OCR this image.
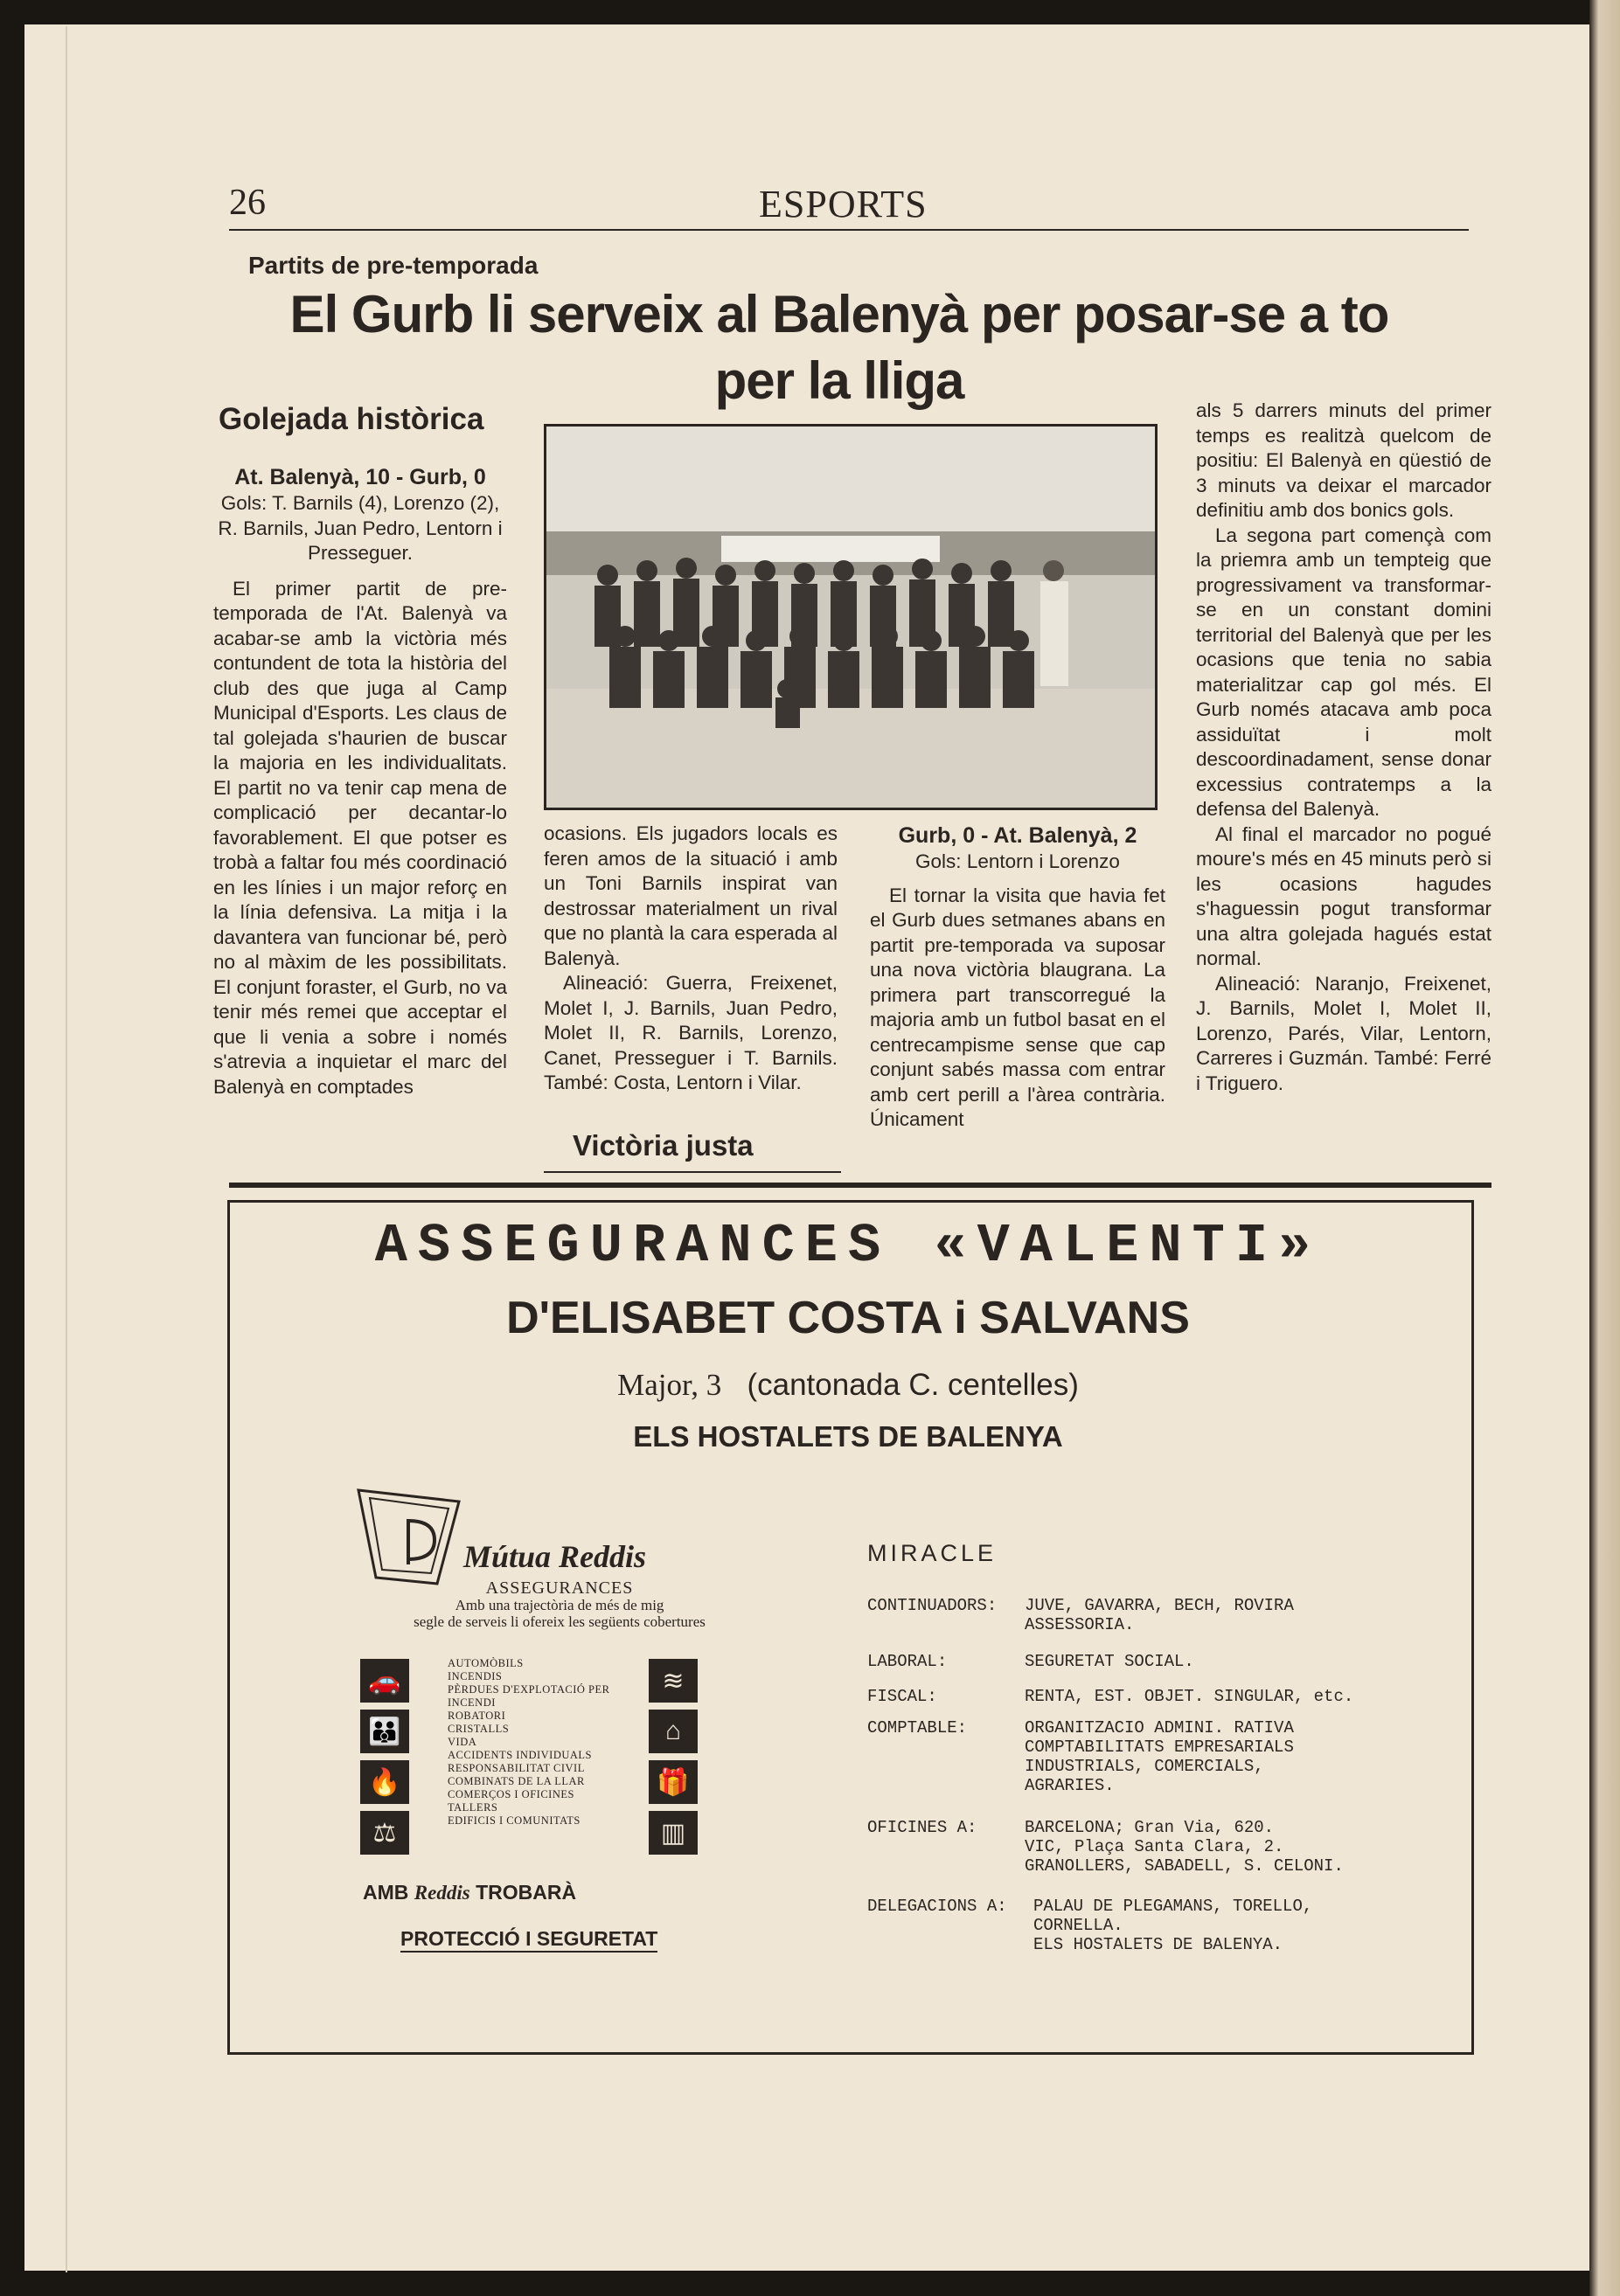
26	ESPORTS
Partits de pre-temporada
El Gurb li serveix al Balenyà per posar-se a to
per la lliga
Golejada històrica
At. Balenyà, 10 - Gurb, 0
Gols: T. Barnils (4), Lorenzo (2), R. Barnils, Juan Pedro, Lentorn i Presseguer.

El primer partit de pre-temporada de l'At. Balenyà va acabar-se amb la victòria més contundent de tota la història del club des que juga al Camp Municipal d'Esports. Les claus de tal golejada s'haurien de buscar la majoria en les individualitats. El partit no va tenir cap mena de complicació per decantar-lo favorablement. El que potser es trobà a faltar fou més coordinació en les línies i un major reforç en la línia defensiva. La mitja i la davantera van funcionar bé, però no al màxim de les possibilitats. El conjunt foraster, el Gurb, no va tenir més remei que acceptar el que li venia a sobre i només s'atrevia a inquietar el marc del Balenyà en comptades

ocasions. Els jugadors locals es feren amos de la situació i amb un Toni Barnils inspirat van destrossar materialment un rival que no plantà la cara esperada al Balenyà.

Alineació: Guerra, Freixenet, Molet I, J. Barnils, Juan Pedro, Molet II, R. Barnils, Lorenzo, Canet, Presseguer i T. Barnils. També: Costa, Lentorn i Vilar.

Victòria justa
Gurb, 0 - At. Balenyà, 2
Gols: Lentorn i Lorenzo

El tornar la visita que havia fet el Gurb dues setmanes abans en partit pre-temporada va suposar una nova victòria blaugrana. La primera part transcorregué la majoria amb un futbol basat en el centrecampisme sense que cap conjunt sabés massa com entrar amb cert perill a l'àrea contrària. Únicament

als 5 darrers minuts del primer temps es realitzà quelcom de positiu: El Balenyà en qüestió de 3 minuts va deixar el marcador definitiu amb dos bonics gols.

La segona part començà com la priemra amb un tempteig que progressivament va transformar-se en un constant domini territorial del Balenyà que per les ocasions que tenia no sabia materialitzar cap gol més. El Gurb només atacava amb poca assiduïtat i molt descoordinadament, sense donar excessius contratemps a la defensa del Balenyà.

Al final el marcador no pogué moure's més en 45 minuts però si les ocasions hagudes s'haguessin pogut transformar una altra golejada hagués estat normal.

Alineació: Naranjo, Freixenet, J. Barnils, Molet I, Molet II, Lorenzo, Parés, Vilar, Lentorn, Carreres i Guzmán. També: Ferré i Triguero.

ASSEGURANCES «VALENTI»
D'ELISABET COSTA i SALVANS
Major, 3 (cantonada C. centelles)
ELS HOSTALETS DE BALENYA
Mútua Reddis
ASSEGURANCES
Amb una trajectòria de més de mig
segle de serveis li ofereix les següents cobertures
🚗
👪
🔥
⚖
≋
⌂
🎁
▥
AUTOMÒBILS
INCENDIS
PÈRDUES D'EXPLOTACIÓ PER INCENDI
ROBATORI
CRISTALLS
VIDA
ACCIDENTS INDIVIDUALS
RESPONSABILITAT CIVIL
COMBINATS DE LA LLAR
COMERÇOS I OFICINES
TALLERS
EDIFICIS I COMUNITATS
AMB Reddis TROBARÀ
PROTECCIÓ I SEGURETAT
MIRACLE
CONTINUADORS: JUVE, GAVARRA, BECH, ROVIRA
ASSESSORIA.
LABORAL:	SEGURETAT SOCIAL.
FISCAL:	RENTA, EST. OBJET. SINGULAR, etc.
COMPTABLE:	ORGANITZACIO ADMINI. RATIVA
COMPTABILITATS EMPRESARIALS
INDUSTRIALS, COMERCIALS,
AGRARIES.
OFICINES A:	BARCELONA; Gran Via, 620.
VIC, Plaça Santa Clara, 2.
GRANOLLERS, SABADELL, S. CELONI.
DELEGACIONS A: PALAU DE PLEGAMANS, TORELLO,
CORNELLA.
ELS HOSTALETS DE BALENYA.
